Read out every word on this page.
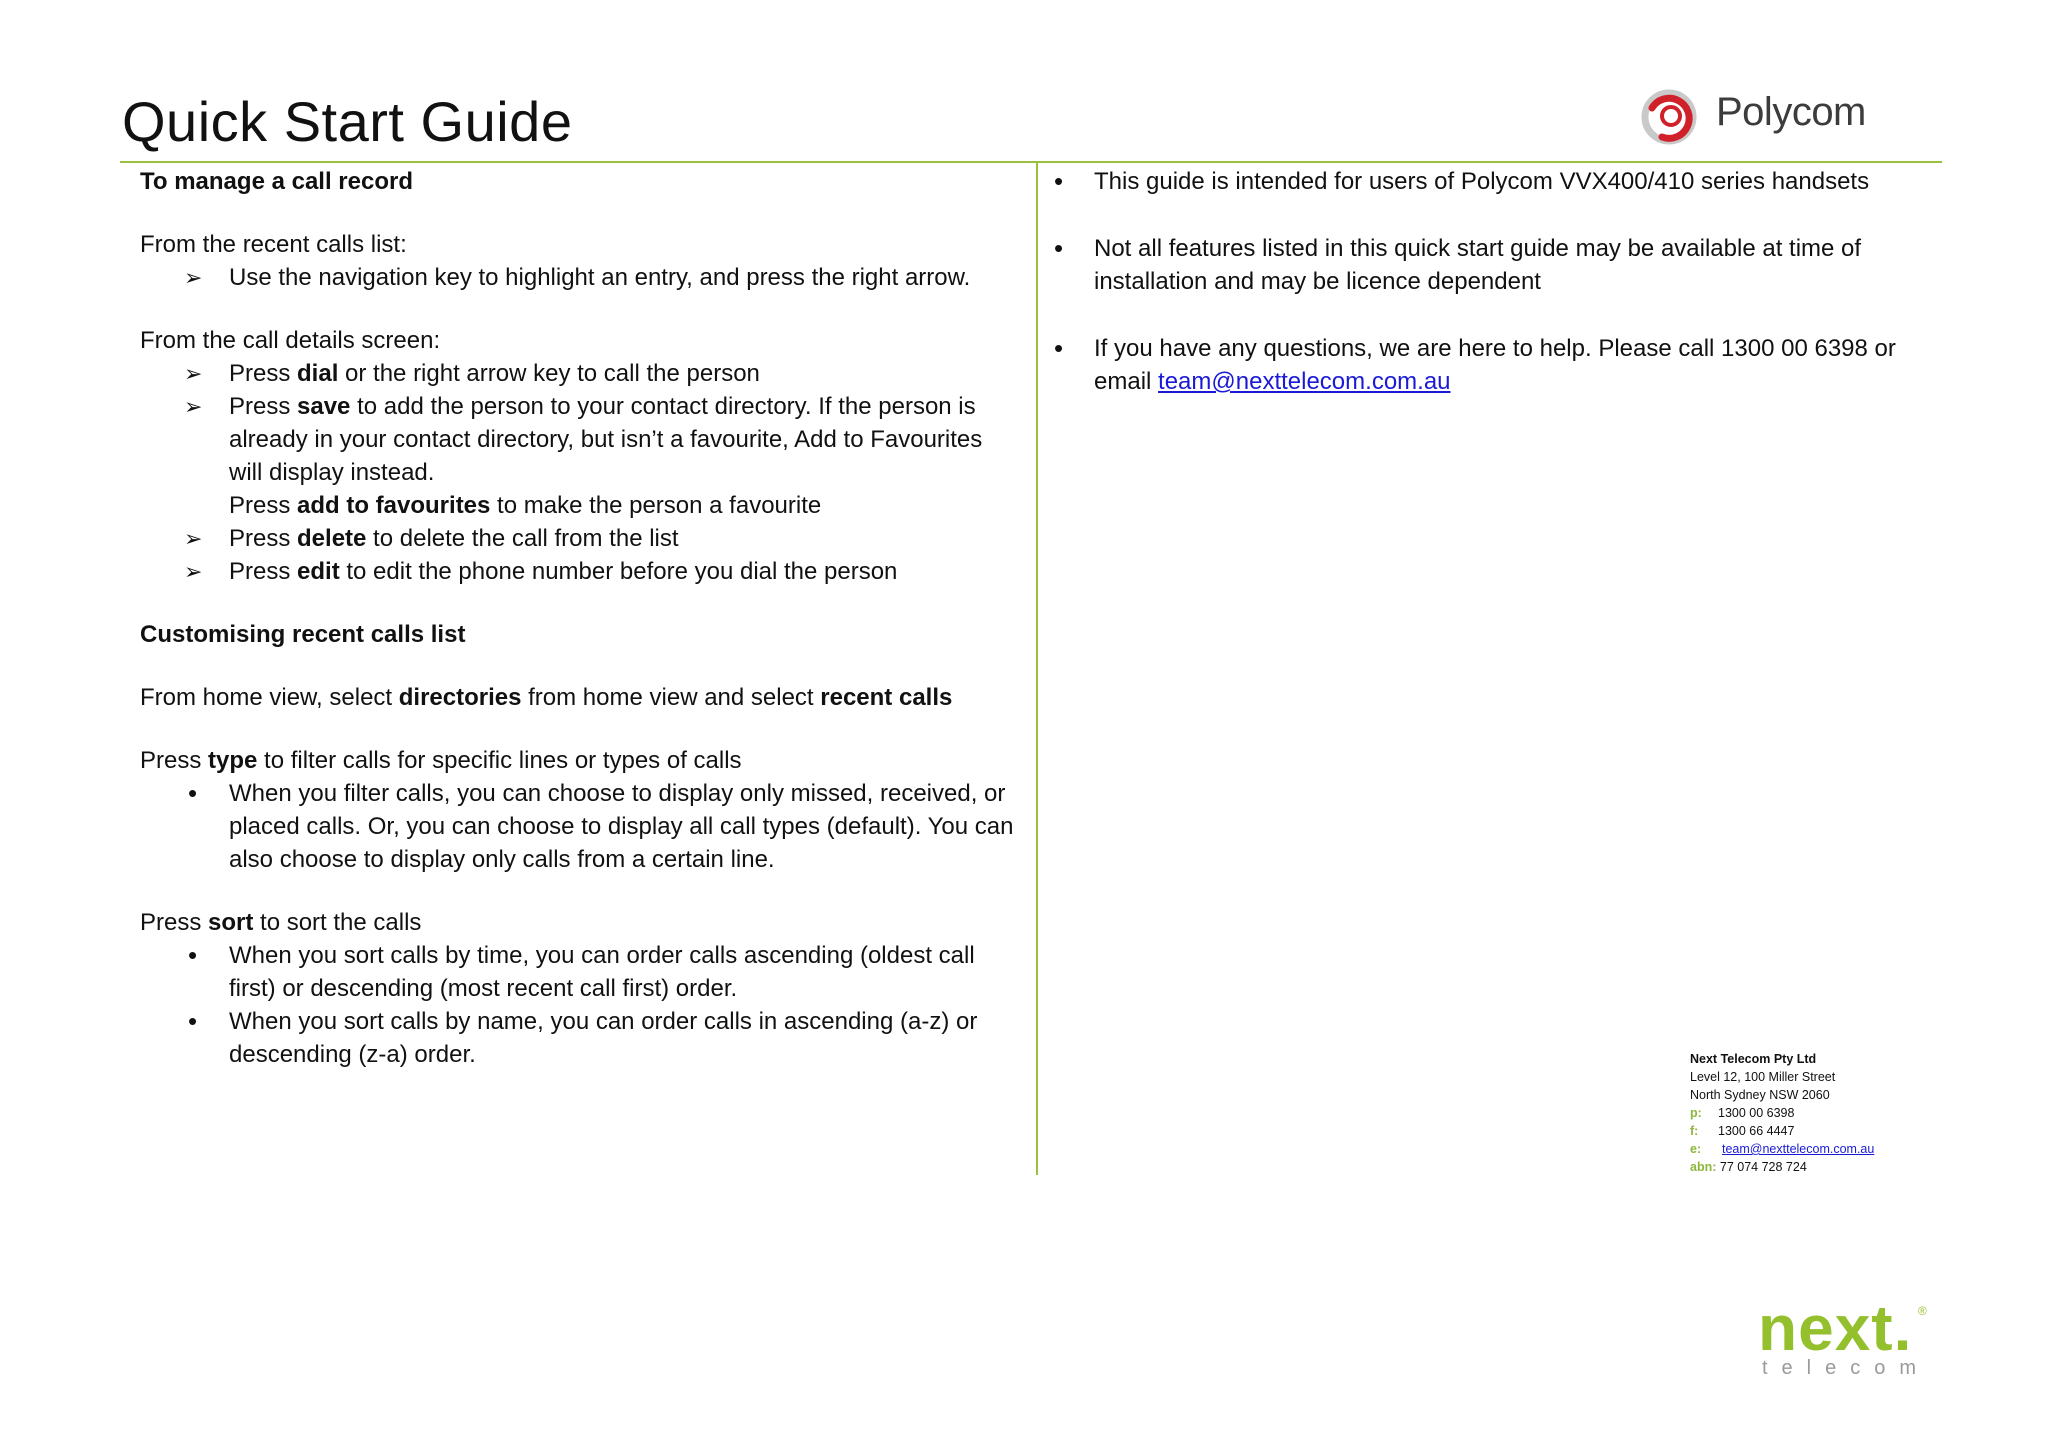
Quick Start Guide	Polycom
To manage a call record
From the recent calls list:
➢ Use the navigation key to highlight an entry, and press the right arrow.
From the call details screen:
➢ Press dial or the right arrow key to call the person
➢ Press save to add the person to your contact directory. If the person is already in your contact directory, but isn’t a favourite, Add to Favourites will display instead.
Press add to favourites to make the person a favourite
➢ Press delete to delete the call from the list
➢ Press edit to edit the phone number before you dial the person
Customising recent calls list
From home view, select directories from home view and select recent calls
Press type to filter calls for specific lines or types of calls
• When you filter calls, you can choose to display only missed, received, or placed calls. Or, you can choose to display all call types (default). You can also choose to display only calls from a certain line.
Press sort to sort the calls
• When you sort calls by time, you can order calls ascending (oldest call first) or descending (most recent call first) order.
• When you sort calls by name, you can order calls in ascending (a-z) or descending (z-a) order.
• This guide is intended for users of Polycom VVX400/410 series handsets
• Not all features listed in this quick start guide may be available at time of installation and may be licence dependent
• If you have any questions, we are here to help. Please call 1300 00 6398 or email team@nexttelecom.com.au
Next Telecom Pty Ltd
Level 12, 100 Miller Street
North Sydney NSW 2060
p: 1300 00 6398
f: 1300 66 4447
e: team@nexttelecom.com.au
abn: 77 074 728 724
next. ®
telecom
